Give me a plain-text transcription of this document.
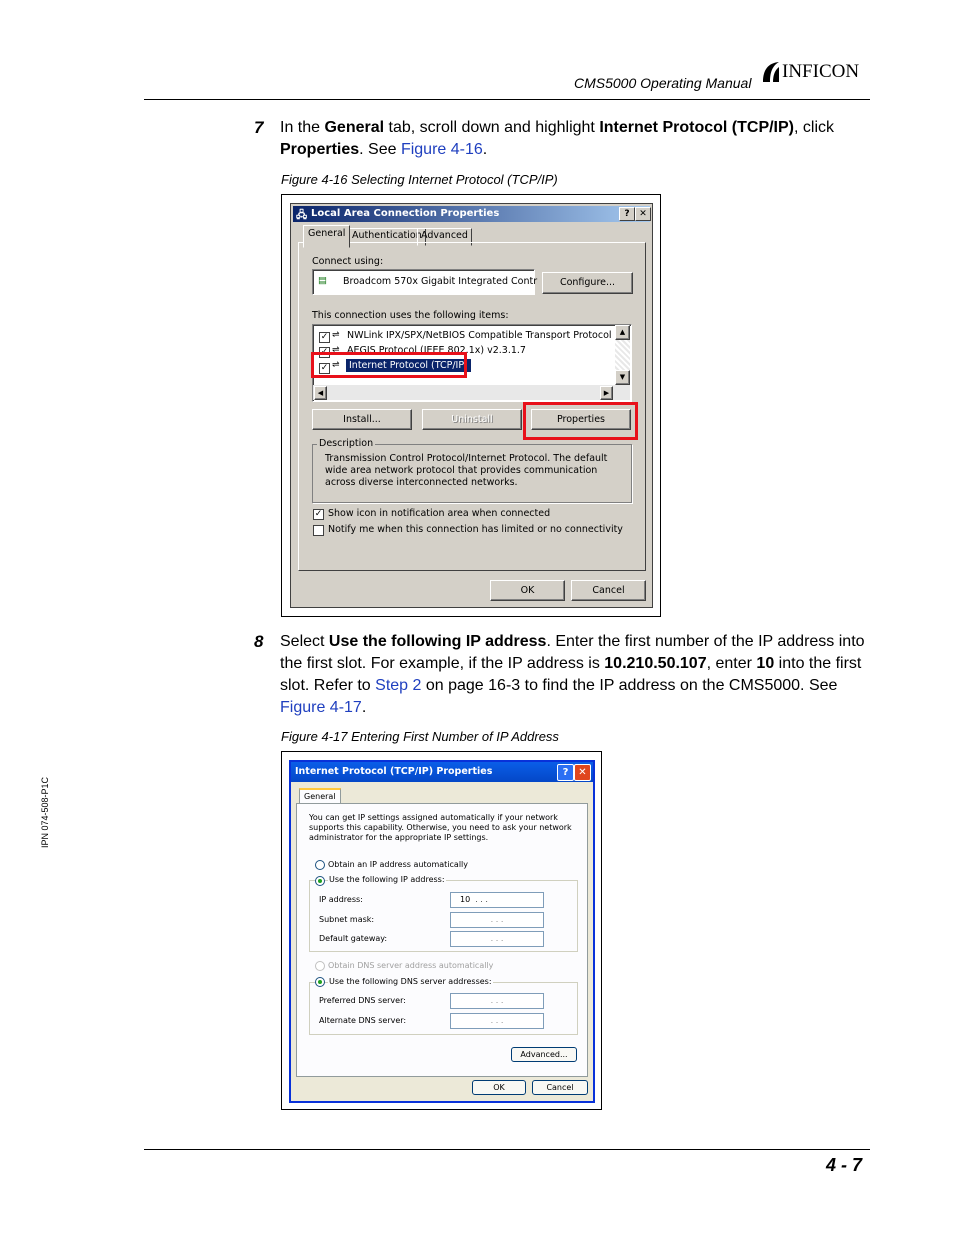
CMS5000 Operating Manual
INFICON
IPN 074-508-P1C
7 In the General tab, scroll down and highlight Internet Protocol (TCP/IP), click
Properties. See Figure 4-16.
Figure 4-16 Selecting Internet Protocol (TCP/IP)
🖧 Local Area Connection Properties	?	✕
General Authentication Advanced
Connect using:
▤ Broadcom 570x Gigabit Integrated Contr	Configure...
This connection uses the following items:
✓ ⇌ NWLink IPX/SPX/NetBIOS Compatible Transport Protocol
✓ ⇌ AEGIS Protocol (IEEE 802.1x) v2.3.1.7
✓ ⇌ Internet Protocol (TCP/IP)
▲
▼
◀	▶
Install...	Uninstall	Properties
Description
Transmission Control Protocol/Internet Protocol. The default wide area network protocol that provides communication across diverse interconnected networks.
✓ Show icon in notification area when connected
Notify me when this connection has limited or no connectivity
OK	Cancel
8 Select Use the following IP address. Enter the first number of the IP address into the first slot. For example, if the IP address is 10.210.50.107, enter 10 into the first slot. Refer to Step 2 on page 16-3 to find the IP address on the CMS5000. See Figure 4-17.
Figure 4-17 Entering First Number of IP Address
Internet Protocol (TCP/IP) Properties	? ✕
General
You can get IP settings assigned automatically if your network supports this capability. Otherwise, you need to ask your network administrator for the appropriate IP settings.
Obtain an IP address automatically
Use the following IP address:
IP address:	10 . . .
Subnet mask:	. . .
Default gateway:	. . .
Obtain DNS server address automatically
Use the following DNS server addresses:
Preferred DNS server:	. . .
Alternate DNS server:	. . .
Advanced...
OK	Cancel
4 - 7
